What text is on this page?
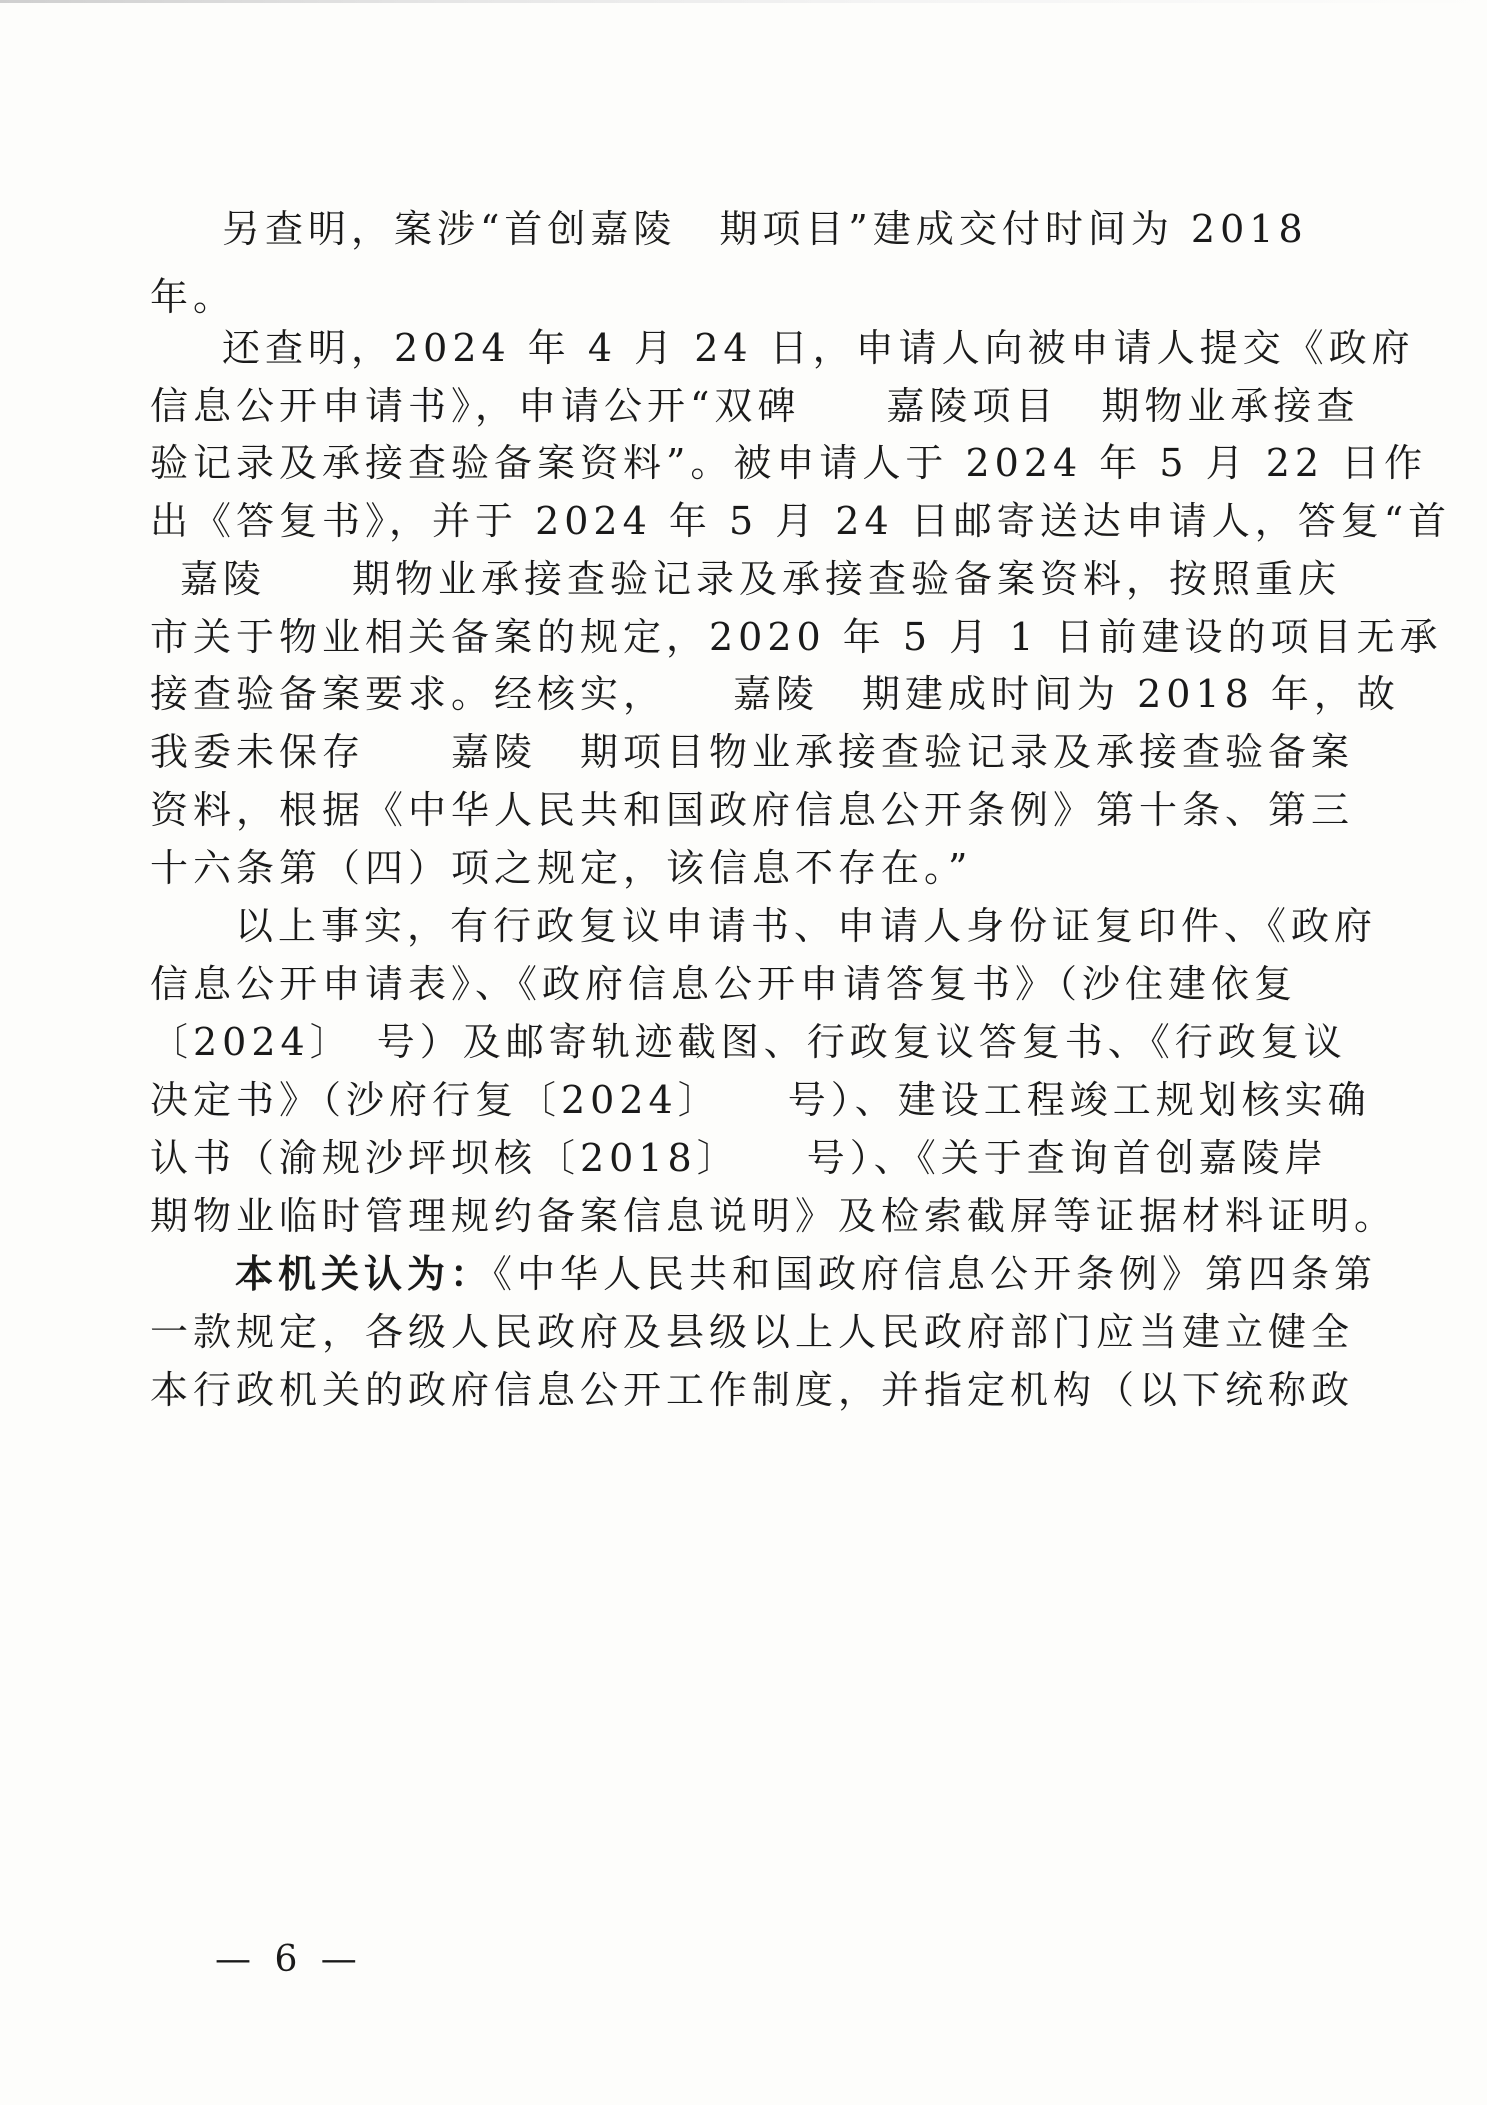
另查明，案涉“首创嘉陵　期项目”建成交付时间为 2018
年。
还查明，2024 年 4 月 24 日，申请人向被申请人提交《政府
信息公开申请书》，申请公开“双碑　　嘉陵项目　期物业承接查
验记录及承接查验备案资料”。被申请人于 2024 年 5 月 22 日作
出《答复书》，并于 2024 年 5 月 24 日邮寄送达申请人，答复“首
嘉陵　　期物业承接查验记录及承接查验备案资料，按照重庆
市关于物业相关备案的规定，2020 年 5 月 1 日前建设的项目无承
接查验备案要求。经核实，　　嘉陵　期建成时间为 2018 年，故
我委未保存　　嘉陵　期项目物业承接查验记录及承接查验备案
资料，根据《中华人民共和国政府信息公开条例》第十条、第三
十六条第（四）项之规定，该信息不存在。”
以上事实，有行政复议申请书、申请人身份证复印件、《政府
信息公开申请表》、《政府信息公开申请答复书》（沙住建依复
〔2024〕　号）及邮寄轨迹截图、行政复议答复书、《行政复议
决定书》（沙府行复〔2024〕　　号）、建设工程竣工规划核实确
认书（渝规沙坪坝核〔2018〕　　号）、《关于查询首创嘉陵岸
期物业临时管理规约备案信息说明》及检索截屏等证据材料证明。
本机关认为：《中华人民共和国政府信息公开条例》第四条第
一款规定，各级人民政府及县级以上人民政府部门应当建立健全
本行政机关的政府信息公开工作制度，并指定机构（以下统称政
— 6 —
